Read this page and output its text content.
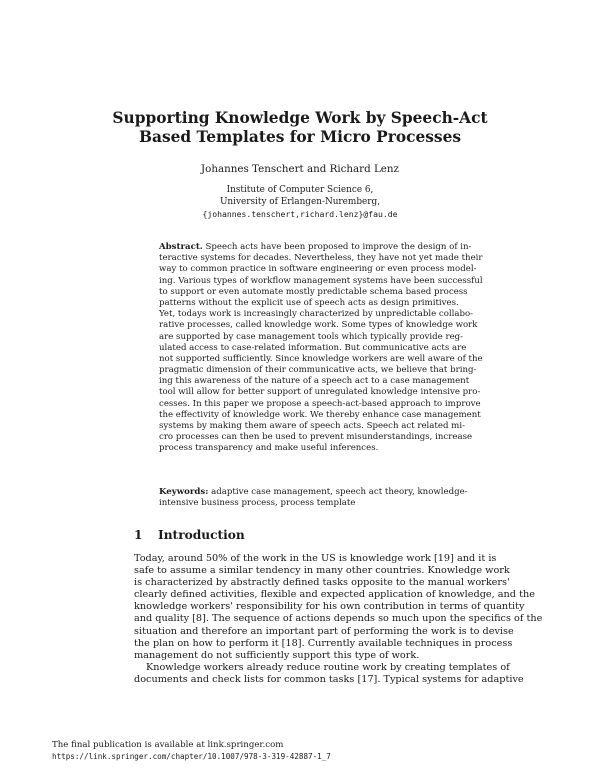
Supporting Knowledge Work by Speech-Act
Based Templates for Micro Processes
Johannes Tenschert and Richard Lenz
Institute of Computer Science 6,
University of Erlangen-Nuremberg,
{johannes.tenschert,richard.lenz}@fau.de
Abstract. Speech acts have been proposed to improve the design of in-
teractive systems for decades. Nevertheless, they have not yet made their
way to common practice in software engineering or even process model-
ing. Various types of workflow management systems have been successful
to support or even automate mostly predictable schema based process
patterns without the explicit use of speech acts as design primitives.
Yet, todays work is increasingly characterized by unpredictable collabo-
rative processes, called knowledge work. Some types of knowledge work
are supported by case management tools which typically provide reg-
ulated access to case-related information. But communicative acts are
not supported sufficiently. Since knowledge workers are well aware of the
pragmatic dimension of their communicative acts, we believe that bring-
ing this awareness of the nature of a speech act to a case management
tool will allow for better support of unregulated knowledge intensive pro-
cesses. In this paper we propose a speech-act-based approach to improve
the effectivity of knowledge work. We thereby enhance case management
systems by making them aware of speech acts. Speech act related mi-
cro processes can then be used to prevent misunderstandings, increase
process transparency and make useful inferences.
Keywords: adaptive case management, speech act theory, knowledge-
intensive business process, process template
1 Introduction
Today, around 50% of the work in the US is knowledge work [19] and it is
safe to assume a similar tendency in many other countries. Knowledge work
is characterized by abstractly defined tasks opposite to the manual workers'
clearly defined activities, flexible and expected application of knowledge, and the
knowledge workers' responsibility for his own contribution in terms of quantity
and quality [8]. The sequence of actions depends so much upon the specifics of the
situation and therefore an important part of performing the work is to devise
the plan on how to perform it [18]. Currently available techniques in process
management do not sufficiently support this type of work.
Knowledge workers already reduce routine work by creating templates of
documents and check lists for common tasks [17]. Typical systems for adaptive
The final publication is available at link.springer.com
https://link.springer.com/chapter/10.1007/978-3-319-42887-1_7
